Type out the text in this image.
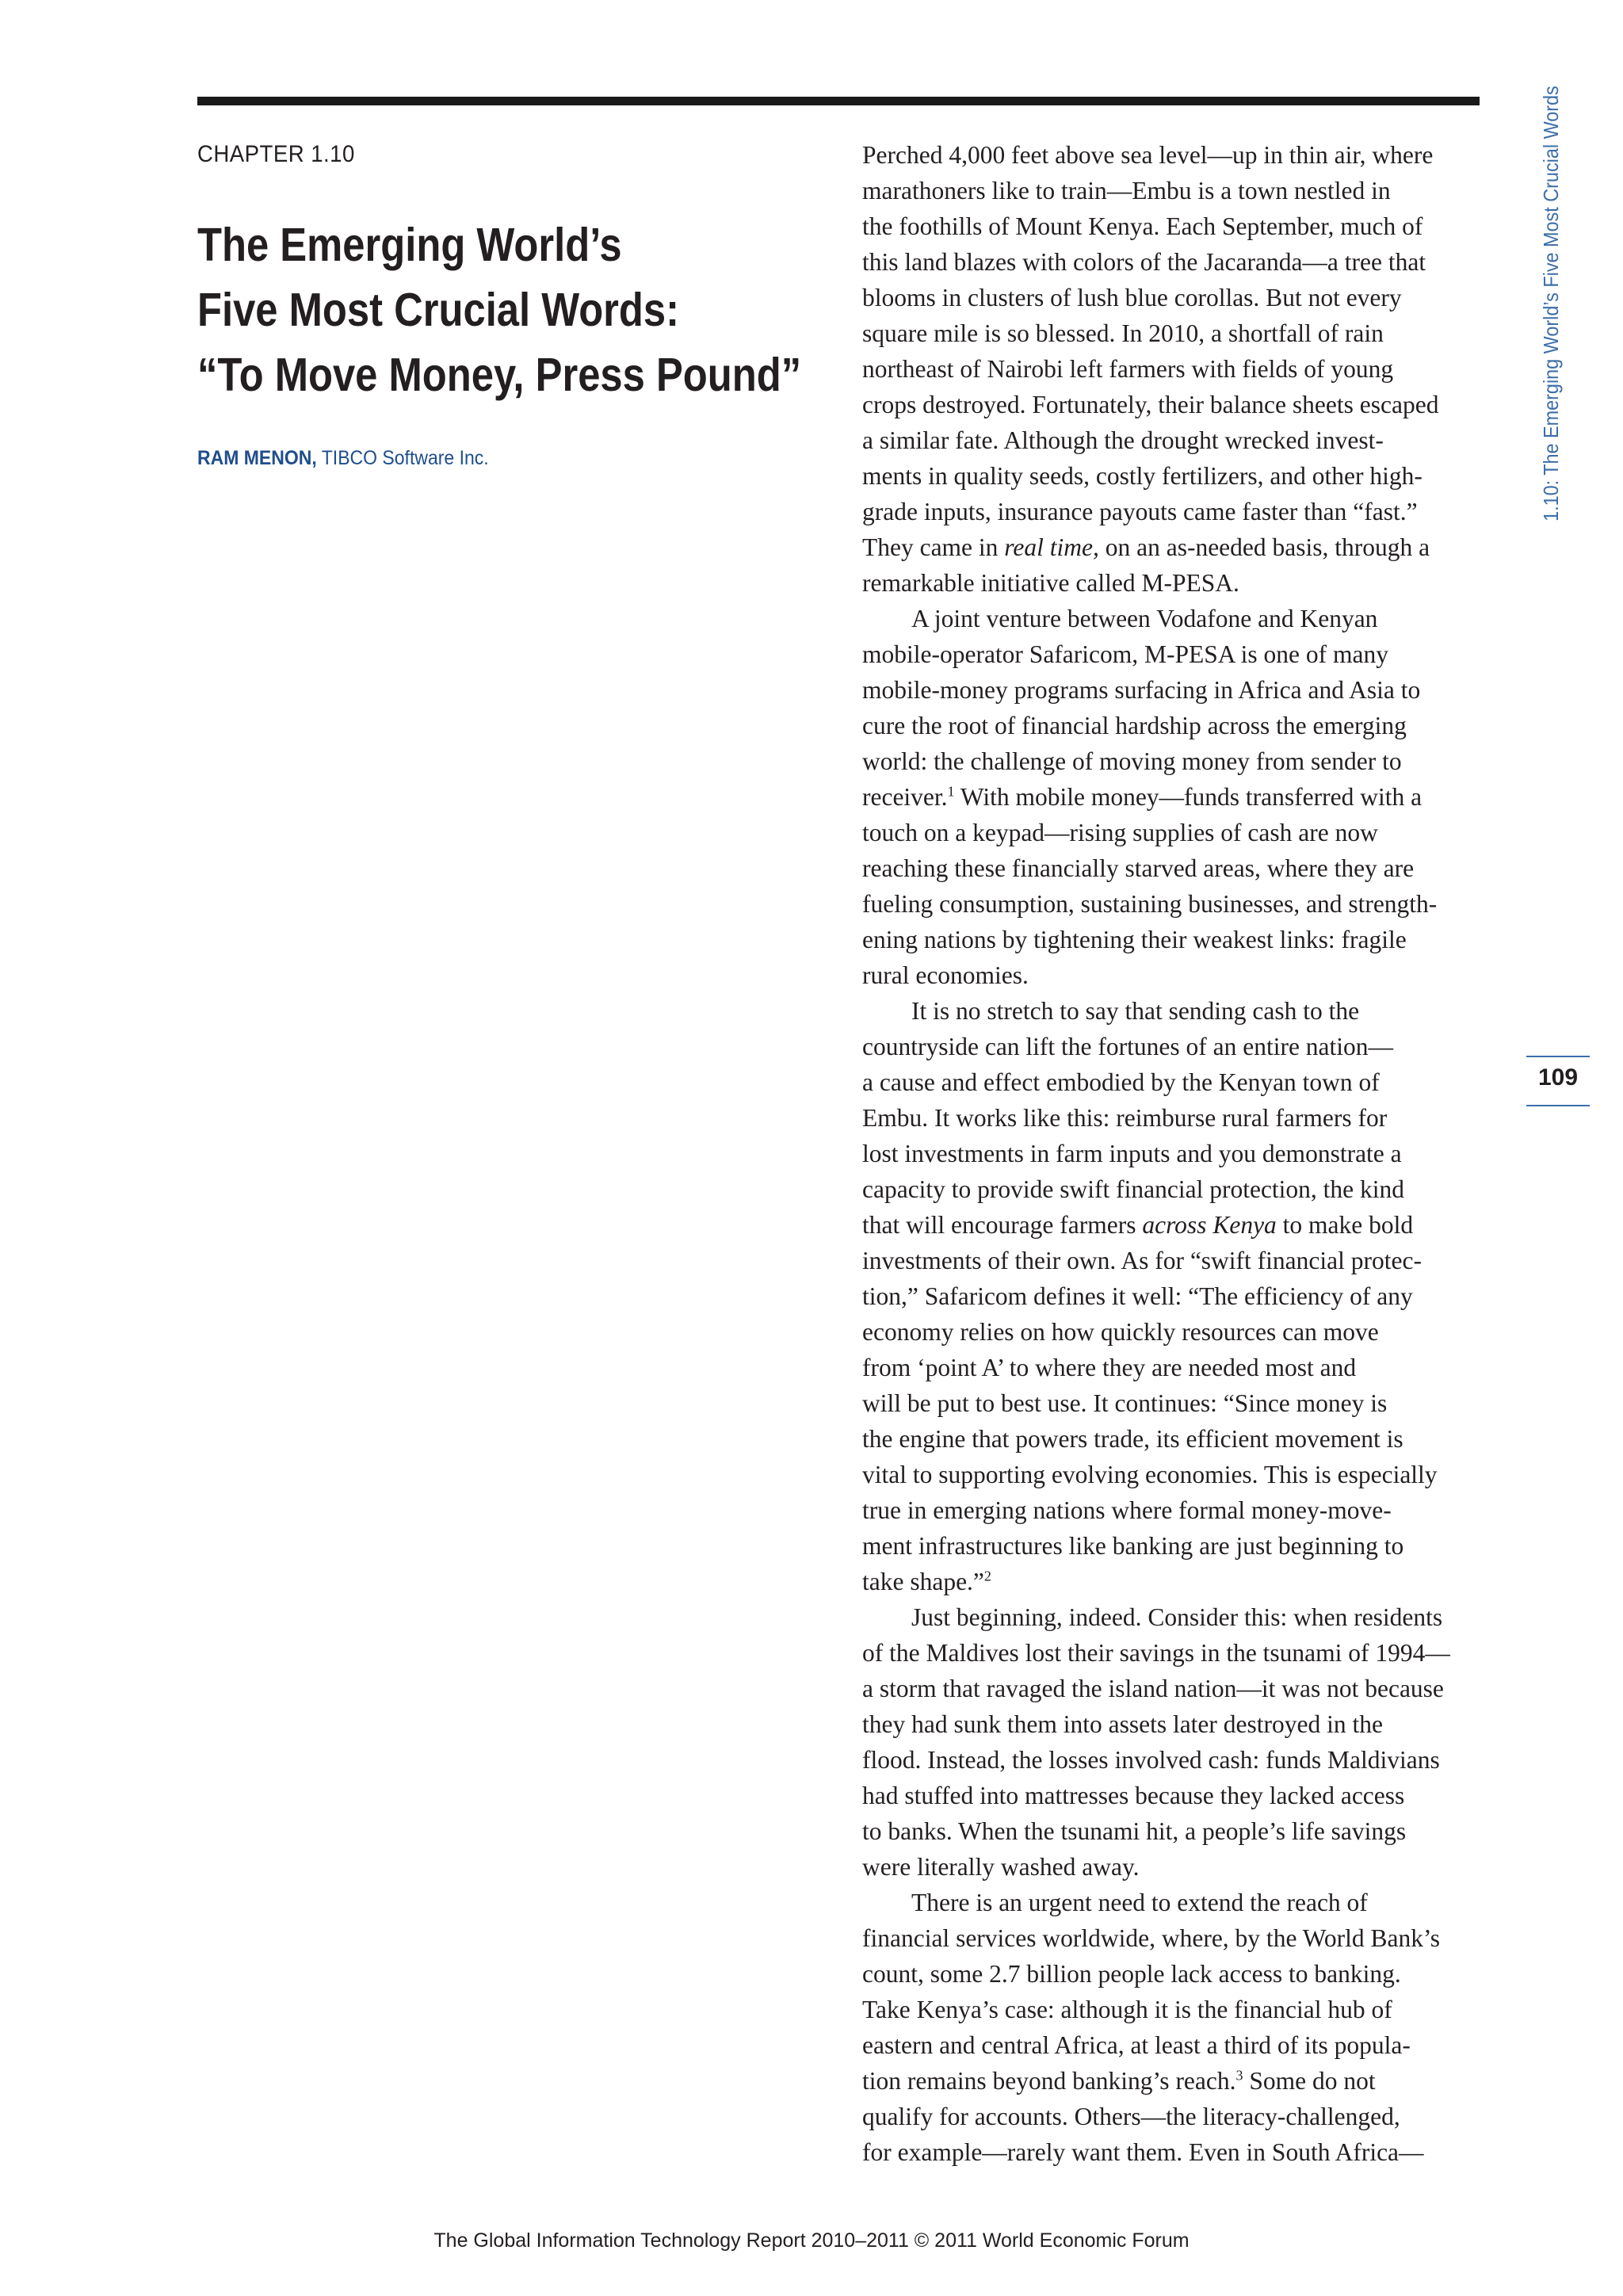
CHAPTER 1.10
The Emerging World’s
Five Most Crucial Words:
“To Move Money, Press Pound”
RAM MENON, TIBCO Software Inc.
Perched 4,000 feet above sea level—up in thin air, where
marathoners like to train—Embu is a town nestled in
the foothills of Mount Kenya. Each September, much of
this land blazes with colors of the Jacaranda—a tree that
blooms in clusters of lush blue corollas. But not every
square mile is so blessed. In 2010, a shortfall of rain
northeast of Nairobi left farmers with fields of young
crops destroyed. Fortunately, their balance sheets escaped
a similar fate. Although the drought wrecked invest-
ments in quality seeds, costly fertilizers, and other high-
grade inputs, insurance payouts came faster than “fast.”
They came in real time, on an as-needed basis, through a
remarkable initiative called M-PESA.
A joint venture between Vodafone and Kenyan
mobile-operator Safaricom, M-PESA is one of many
mobile-money programs surfacing in Africa and Asia to
cure the root of financial hardship across the emerging
world: the challenge of moving money from sender to
receiver.$^1$ With mobile money—funds transferred with a
touch on a keypad—rising supplies of cash are now
reaching these financially starved areas, where they are
fueling consumption, sustaining businesses, and strength-
ening nations by tightening their weakest links: fragile
rural economies.
It is no stretch to say that sending cash to the
countryside can lift the fortunes of an entire nation—
a cause and effect embodied by the Kenyan town of
Embu. It works like this: reimburse rural farmers for
lost investments in farm inputs and you demonstrate a
capacity to provide swift financial protection, the kind
that will encourage farmers across Kenya to make bold
investments of their own. As for “swift financial protec-
tion,” Safaricom defines it well: “The efficiency of any
economy relies on how quickly resources can move
from ‘point A’ to where they are needed most and
will be put to best use. It continues: “Since money is
the engine that powers trade, its efficient movement is
vital to supporting evolving economies. This is especially
true in emerging nations where formal money-move-
ment infrastructures like banking are just beginning to
take shape.”$^2$
Just beginning, indeed. Consider this: when residents
of the Maldives lost their savings in the tsunami of 1994—
a storm that ravaged the island nation—it was not because
they had sunk them into assets later destroyed in the
flood. Instead, the losses involved cash: funds Maldivians
had stuffed into mattresses because they lacked access
to banks. When the tsunami hit, a people’s life savings
were literally washed away.
There is an urgent need to extend the reach of
financial services worldwide, where, by the World Bank’s
count, some 2.7 billion people lack access to banking.
Take Kenya’s case: although it is the financial hub of
eastern and central Africa, at least a third of its popula-
tion remains beyond banking’s reach.$^3$ Some do not
qualify for accounts. Others—the literacy-challenged,
for example—rarely want them. Even in South Africa—
1.10: The Emerging World’s Five Most Crucial Words
109
The Global Information Technology Report 2010–2011 © 2011 World Economic Forum
